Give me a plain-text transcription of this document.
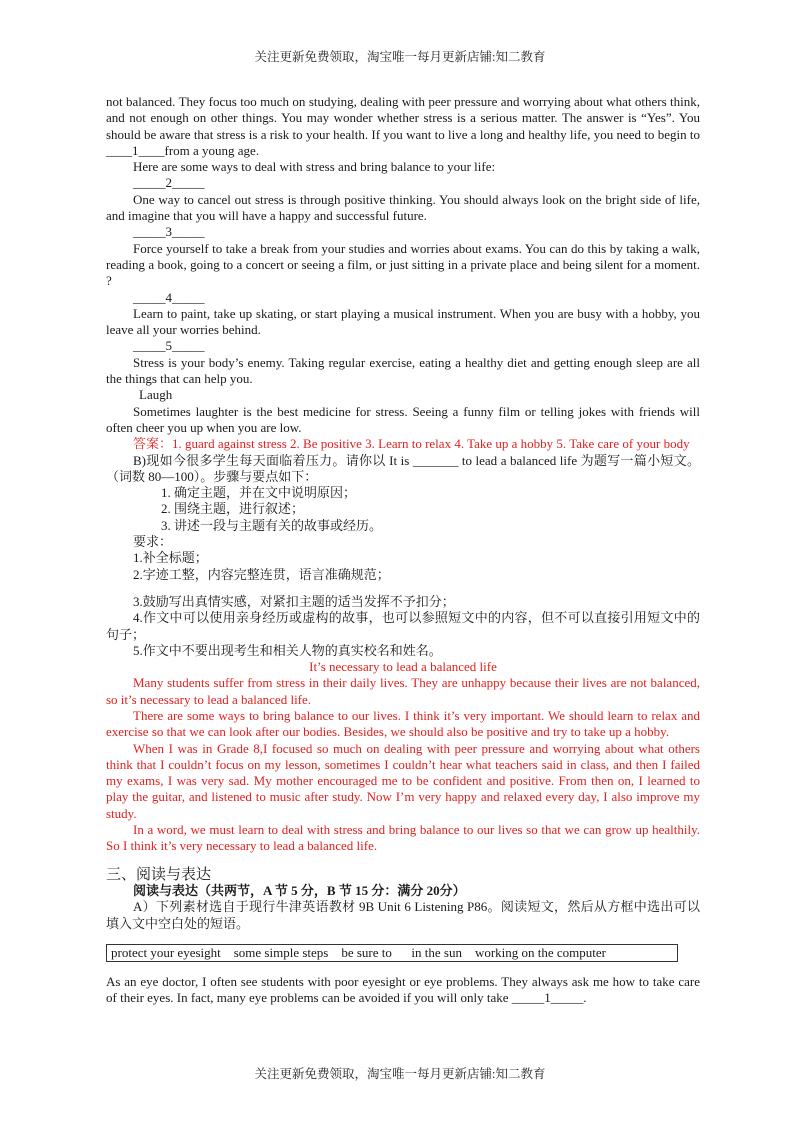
关注更新免费领取，淘宝唯一每月更新店铺:知二教育

not balanced. They focus too much on studying, dealing with peer pressure and worrying about what others think, and not enough on other things. You may wonder whether stress is a serious matter. The answer is “Yes”. You should be aware that stress is a risk to your health. If you want to live a long and healthy life, you need to begin to ____1____from a young age.

Here are some ways to deal with stress and bring balance to your life:

_____2_____

One way to cancel out stress is through positive thinking. You should always look on the bright side of life, and imagine that you will have a happy and successful future.

_____3_____

Force yourself to take a break from your studies and worries about exams. You can do this by taking a walk, reading a book, going to a concert or seeing a film, or just sitting in a private place and being silent for a moment. ?

_____4_____

Learn to paint, take up skating, or start playing a musical instrument. When you are busy with a hobby, you leave all your worries behind.

_____5_____

Stress is your body’s enemy. Taking regular exercise, eating a healthy diet and getting enough sleep are all the things that can help you.

Laugh

Sometimes laughter is the best medicine for stress. Seeing a funny film or telling jokes with friends will often cheer you up when you are low.

答案：1. guard against stress 2. Be positive 3. Learn to relax 4. Take up a hobby 5. Take care of your body

B)现如今很多学生每天面临着压力。请你以 It is _______ to lead a balanced life 为题写一篇小短文。（词数 80—100）。步骤与要点如下：

1. 确定主题，并在文中说明原因；

2. 围绕主题，进行叙述；

3. 讲述一段与主题有关的故事或经历。

要求：

1.补全标题；

2.字迹工整，内容完整连贯，语言准确规范；

3.鼓励写出真情实感，对紧扣主题的适当发挥不予扣分；

4.作文中可以使用亲身经历或虚构的故事，也可以参照短文中的内容，但不可以直接引用短文中的句子；

5.作文中不要出现考生和相关人物的真实校名和姓名。

It’s necessary to lead a balanced life

Many students suffer from stress in their daily lives. They are unhappy because their lives are not balanced, so it’s necessary to lead a balanced life.

There are some ways to bring balance to our lives. I think it’s very important. We should learn to relax and exercise so that we can look after our bodies. Besides, we should also be positive and try to take up a hobby.

When I was in Grade 8,I focused so much on dealing with peer pressure and worrying about what others think that I couldn’t focus on my lesson, sometimes I couldn’t hear what teachers said in class, and then I failed my exams, I was very sad. My mother encouraged me to be confident and positive. From then on, I learned to play the guitar, and listened to music after study. Now I’m very happy and relaxed every day, I also improve my study.

In a word, we must learn to deal with stress and bring balance to our lives so that we can grow up healthily. So I think it’s very necessary to lead a balanced life.

三、阅读与表达

阅读与表达（共两节，A 节 5 分，B 节 15 分：满分 20分）

A）下列素材选自于现行牛津英语教材 9B Unit 6 Listening P86。阅读短文，然后从方框中选出可以填入文中空白处的短语。

protect your eyesight    some simple steps    be sure to      in the sun    working on the computer

As an eye doctor, I often see students with poor eyesight or eye problems. They always ask me how to take care of their eyes. In fact, many eye problems can be avoided if you will only take _____1_____.

关注更新免费领取，淘宝唯一每月更新店铺:知二教育
